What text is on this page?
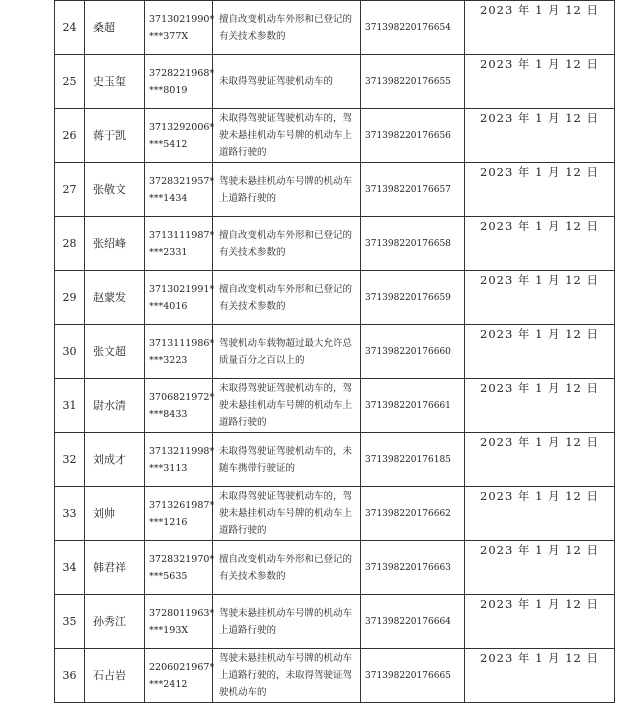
24	桑超	3713021990*
***377X	擅自改变机动车外形和已登记的有关技术参数的	371398220176654	2023 年 1 月 12 日
25	史玉玺	3728221968*
***8019	未取得驾驶证驾驶机动车的	371398220176655	2023 年 1 月 12 日
26	蒋于凯	3713292006*
***5412	未取得驾驶证驾驶机动车的，驾驶未悬挂机动车号牌的机动车上道路行驶的	371398220176656	2023 年 1 月 12 日
27	张敬文	3728321957*
***1434	驾驶未悬挂机动车号牌的机动车上道路行驶的	371398220176657	2023 年 1 月 12 日
28	张绍峰	3713111987*
***2331	擅自改变机动车外形和已登记的有关技术参数的	371398220176658	2023 年 1 月 12 日
29	赵蒙发	3713021991*
***4016	擅自改变机动车外形和已登记的有关技术参数的	371398220176659	2023 年 1 月 12 日
30	张文超	3713111986*
***3223	驾驶机动车载物超过最大允许总质量百分之百以上的	371398220176660	2023 年 1 月 12 日
31	尉水清	3706821972*
***8433	未取得驾驶证驾驶机动车的，驾驶未悬挂机动车号牌的机动车上道路行驶的	371398220176661	2023 年 1 月 12 日
32	刘成才	3713211998*
***3113	未取得驾驶证驾驶机动车的，未随车携带行驶证的	371398220176185	2023 年 1 月 12 日
33	刘帅	3713261987*
***1216	未取得驾驶证驾驶机动车的，驾驶未悬挂机动车号牌的机动车上道路行驶的	371398220176662	2023 年 1 月 12 日
34	韩君祥	3728321970*
***5635	擅自改变机动车外形和已登记的有关技术参数的	371398220176663	2023 年 1 月 12 日
35	孙秀江	3728011963*
***193X	驾驶未悬挂机动车号牌的机动车上道路行驶的	371398220176664	2023 年 1 月 12 日
36	石占岩	2206021967*
***2412	驾驶未悬挂机动车号牌的机动车上道路行驶的，未取得驾驶证驾驶机动车的	371398220176665	2023 年 1 月 12 日
